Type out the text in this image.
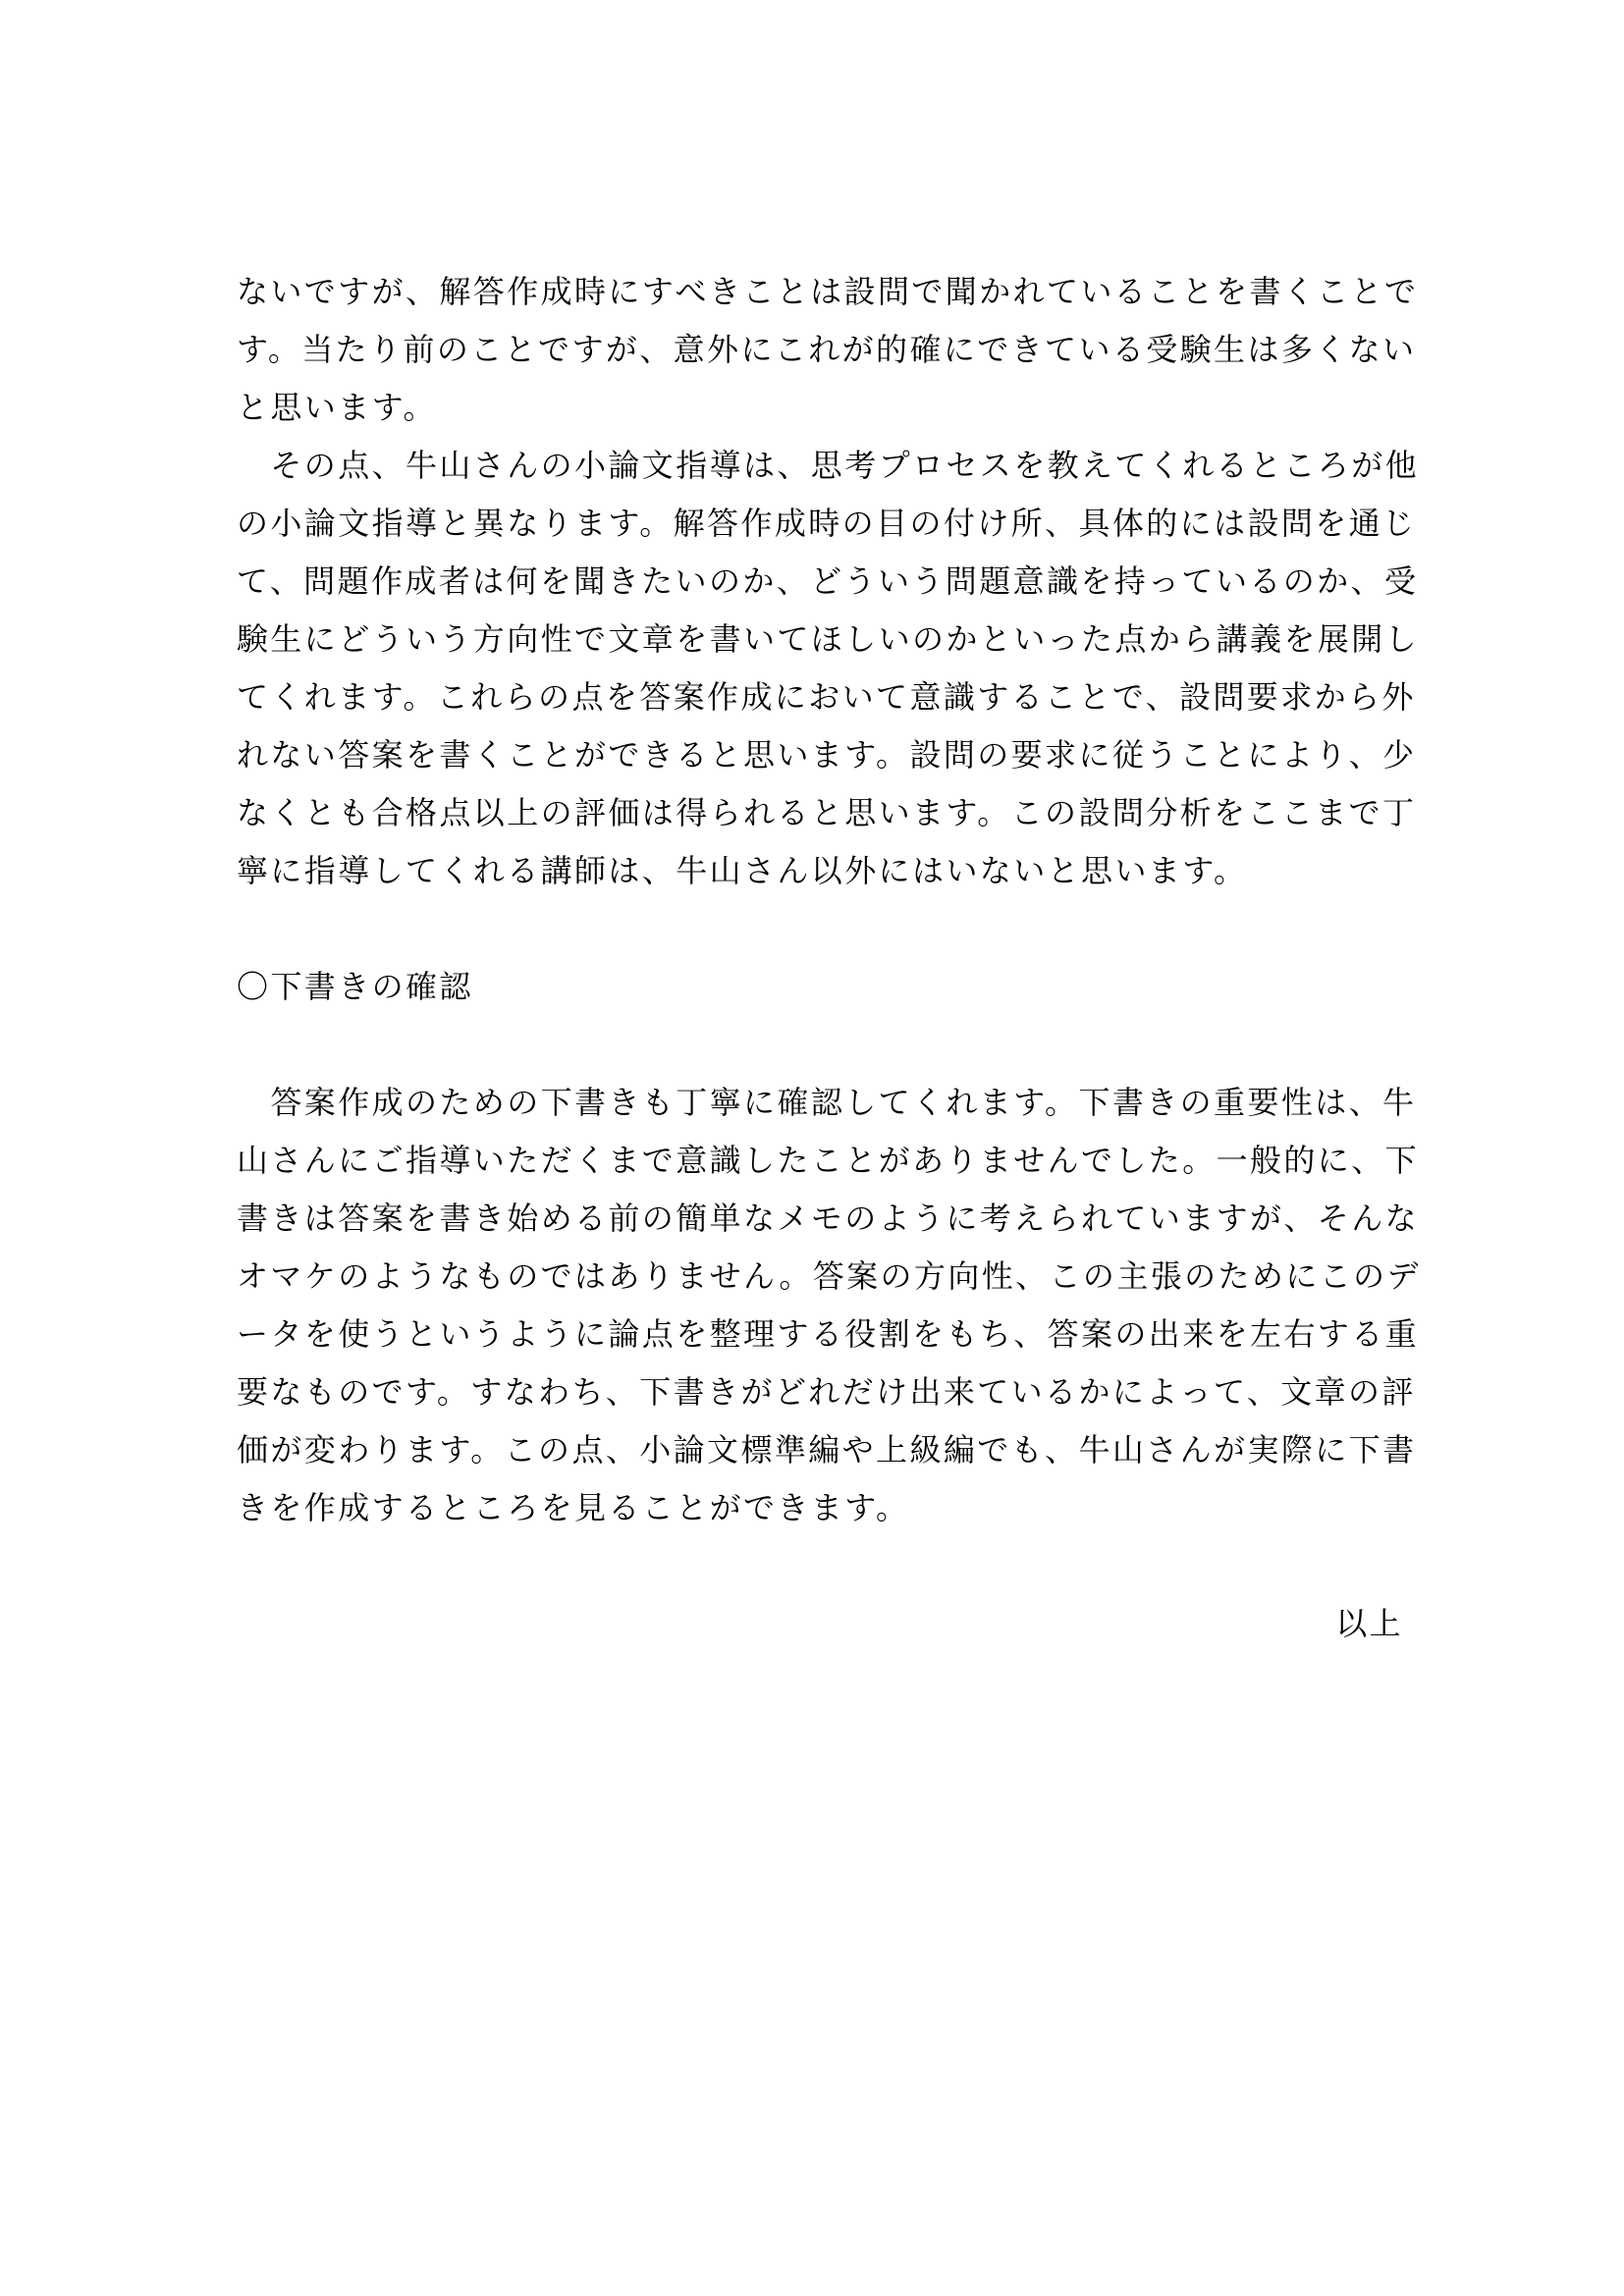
ないですが、解答作成時にすべきことは設問で聞かれていることを書くことで
す。当たり前のことですが、意外にこれが的確にできている受験生は多くない
と思います。
　その点、牛山さんの小論文指導は、思考プロセスを教えてくれるところが他
の小論文指導と異なります。解答作成時の目の付け所、具体的には設問を通じ
て、問題作成者は何を聞きたいのか、どういう問題意識を持っているのか、受
験生にどういう方向性で文章を書いてほしいのかといった点から講義を展開し
てくれます。これらの点を答案作成において意識することで、設問要求から外
れない答案を書くことができると思います。設問の要求に従うことにより、少
なくとも合格点以上の評価は得られると思います。この設問分析をここまで丁
寧に指導してくれる講師は、牛山さん以外にはいないと思います。
〇下書きの確認
　答案作成のための下書きも丁寧に確認してくれます。下書きの重要性は、牛
山さんにご指導いただくまで意識したことがありませんでした。一般的に、下
書きは答案を書き始める前の簡単なメモのように考えられていますが、そんな
オマケのようなものではありません。答案の方向性、この主張のためにこのデ
ータを使うというように論点を整理する役割をもち、答案の出来を左右する重
要なものです。すなわち、下書きがどれだけ出来ているかによって、文章の評
価が変わります。この点、小論文標準編や上級編でも、牛山さんが実際に下書
きを作成するところを見ることができます。
以上
